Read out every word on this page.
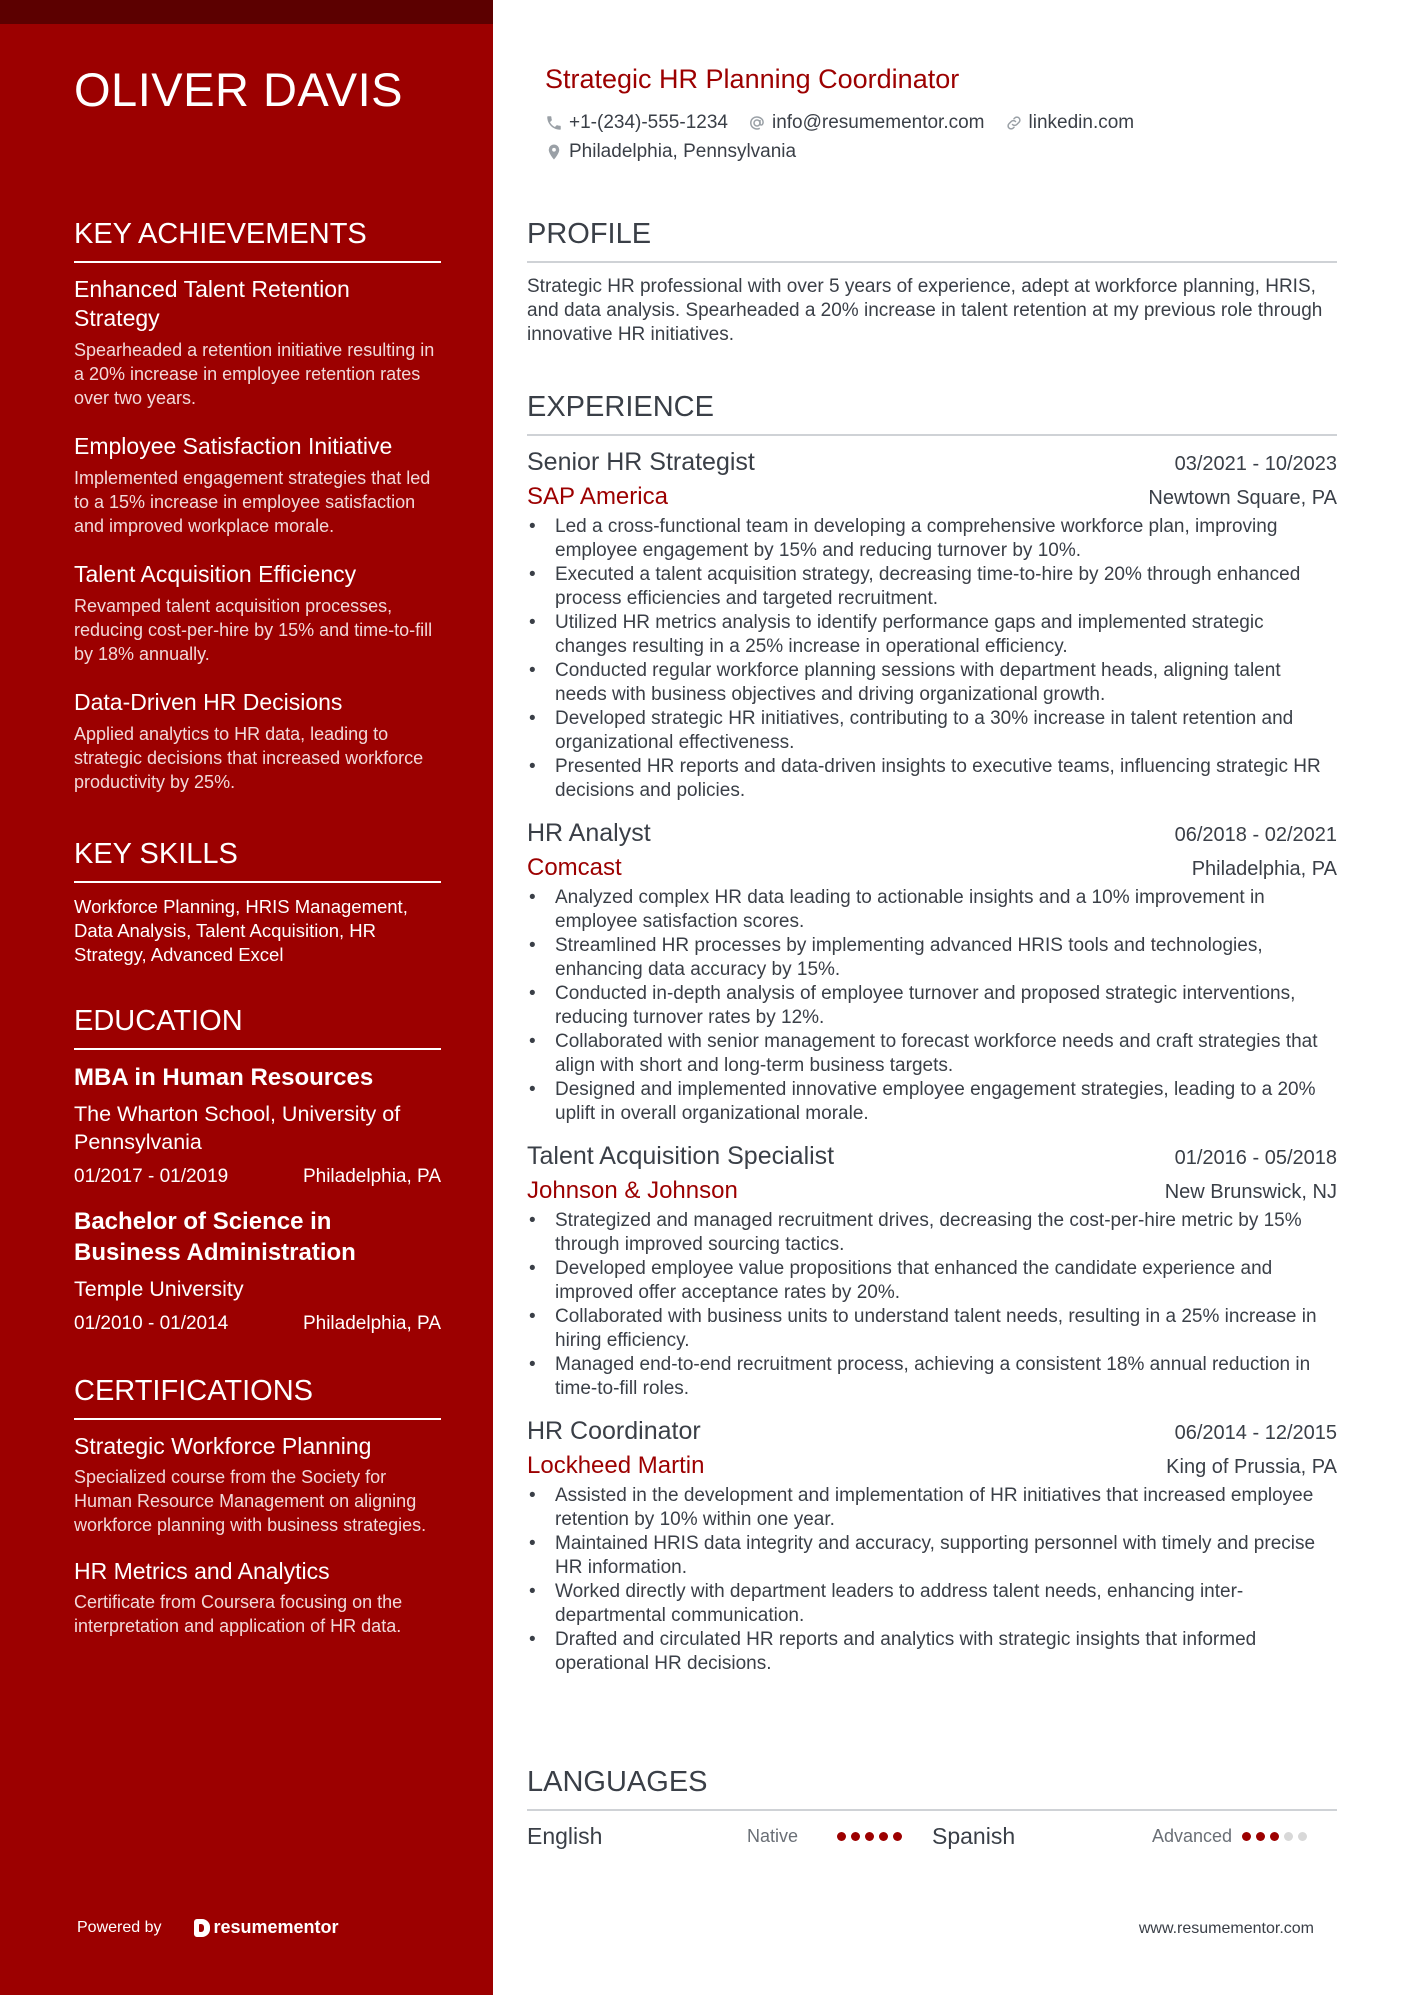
OLIVER DAVIS
KEY ACHIEVEMENTS
Enhanced Talent Retention Strategy
Spearheaded a retention initiative resulting in a 20% increase in employee retention rates over two years.
Employee Satisfaction Initiative
Implemented engagement strategies that led to a 15% increase in employee satisfaction and improved workplace morale.
Talent Acquisition Efficiency
Revamped talent acquisition processes, reducing cost-per-hire by 15% and time-to-fill by 18% annually.
Data-Driven HR Decisions
Applied analytics to HR data, leading to strategic decisions that increased workforce productivity by 25%.
KEY SKILLS
Workforce Planning, HRIS Management, Data Analysis, Talent Acquisition, HR Strategy, Advanced Excel
EDUCATION
MBA in Human Resources
The Wharton School, University of Pennsylvania
01/2017 - 01/2019	Philadelphia, PA
Bachelor of Science in Business Administration
Temple University
01/2010 - 01/2014	Philadelphia, PA
CERTIFICATIONS
Strategic Workforce Planning
Specialized course from the Society for Human Resource Management on aligning workforce planning with business strategies.
HR Metrics and Analytics
Certificate from Coursera focusing on the interpretation and application of HR data.
Powered by	resumementor
Strategic HR Planning Coordinator
+1-(234)-555-1234 info@resumementor.com linkedin.com
Philadelphia, Pennsylvania
PROFILE
Strategic HR professional with over 5 years of experience, adept at workforce planning, HRIS, and data analysis. Spearheaded a 20% increase in talent retention at my previous role through innovative HR initiatives.
EXPERIENCE
Senior HR Strategist	03/2021 - 10/2023
SAP America	Newtown Square, PA
• Led a cross-functional team in developing a comprehensive workforce plan, improving employee engagement by 15% and reducing turnover by 10%.
• Executed a talent acquisition strategy, decreasing time-to-hire by 20% through enhanced process efficiencies and targeted recruitment.
• Utilized HR metrics analysis to identify performance gaps and implemented strategic changes resulting in a 25% increase in operational efficiency.
• Conducted regular workforce planning sessions with department heads, aligning talent needs with business objectives and driving organizational growth.
• Developed strategic HR initiatives, contributing to a 30% increase in talent retention and organizational effectiveness.
• Presented HR reports and data-driven insights to executive teams, influencing strategic HR decisions and policies.
HR Analyst	06/2018 - 02/2021
Comcast	Philadelphia, PA
• Analyzed complex HR data leading to actionable insights and a 10% improvement in employee satisfaction scores.
• Streamlined HR processes by implementing advanced HRIS tools and technologies, enhancing data accuracy by 15%.
• Conducted in-depth analysis of employee turnover and proposed strategic interventions, reducing turnover rates by 12%.
• Collaborated with senior management to forecast workforce needs and craft strategies that align with short and long-term business targets.
• Designed and implemented innovative employee engagement strategies, leading to a 20% uplift in overall organizational morale.
Talent Acquisition Specialist	01/2016 - 05/2018
Johnson & Johnson	New Brunswick, NJ
• Strategized and managed recruitment drives, decreasing the cost-per-hire metric by 15% through improved sourcing tactics.
• Developed employee value propositions that enhanced the candidate experience and improved offer acceptance rates by 20%.
• Collaborated with business units to understand talent needs, resulting in a 25% increase in hiring efficiency.
• Managed end-to-end recruitment process, achieving a consistent 18% annual reduction in time-to-fill roles.
HR Coordinator	06/2014 - 12/2015
Lockheed Martin	King of Prussia, PA
• Assisted in the development and implementation of HR initiatives that increased employee retention by 10% within one year.
• Maintained HRIS data integrity and accuracy, supporting personnel with timely and precise HR information.
• Worked directly with department leaders to address talent needs, enhancing inter-departmental communication.
• Drafted and circulated HR reports and analytics with strategic insights that informed operational HR decisions.
LANGUAGES
English	Native	Spanish	Advanced
www.resumementor.com
